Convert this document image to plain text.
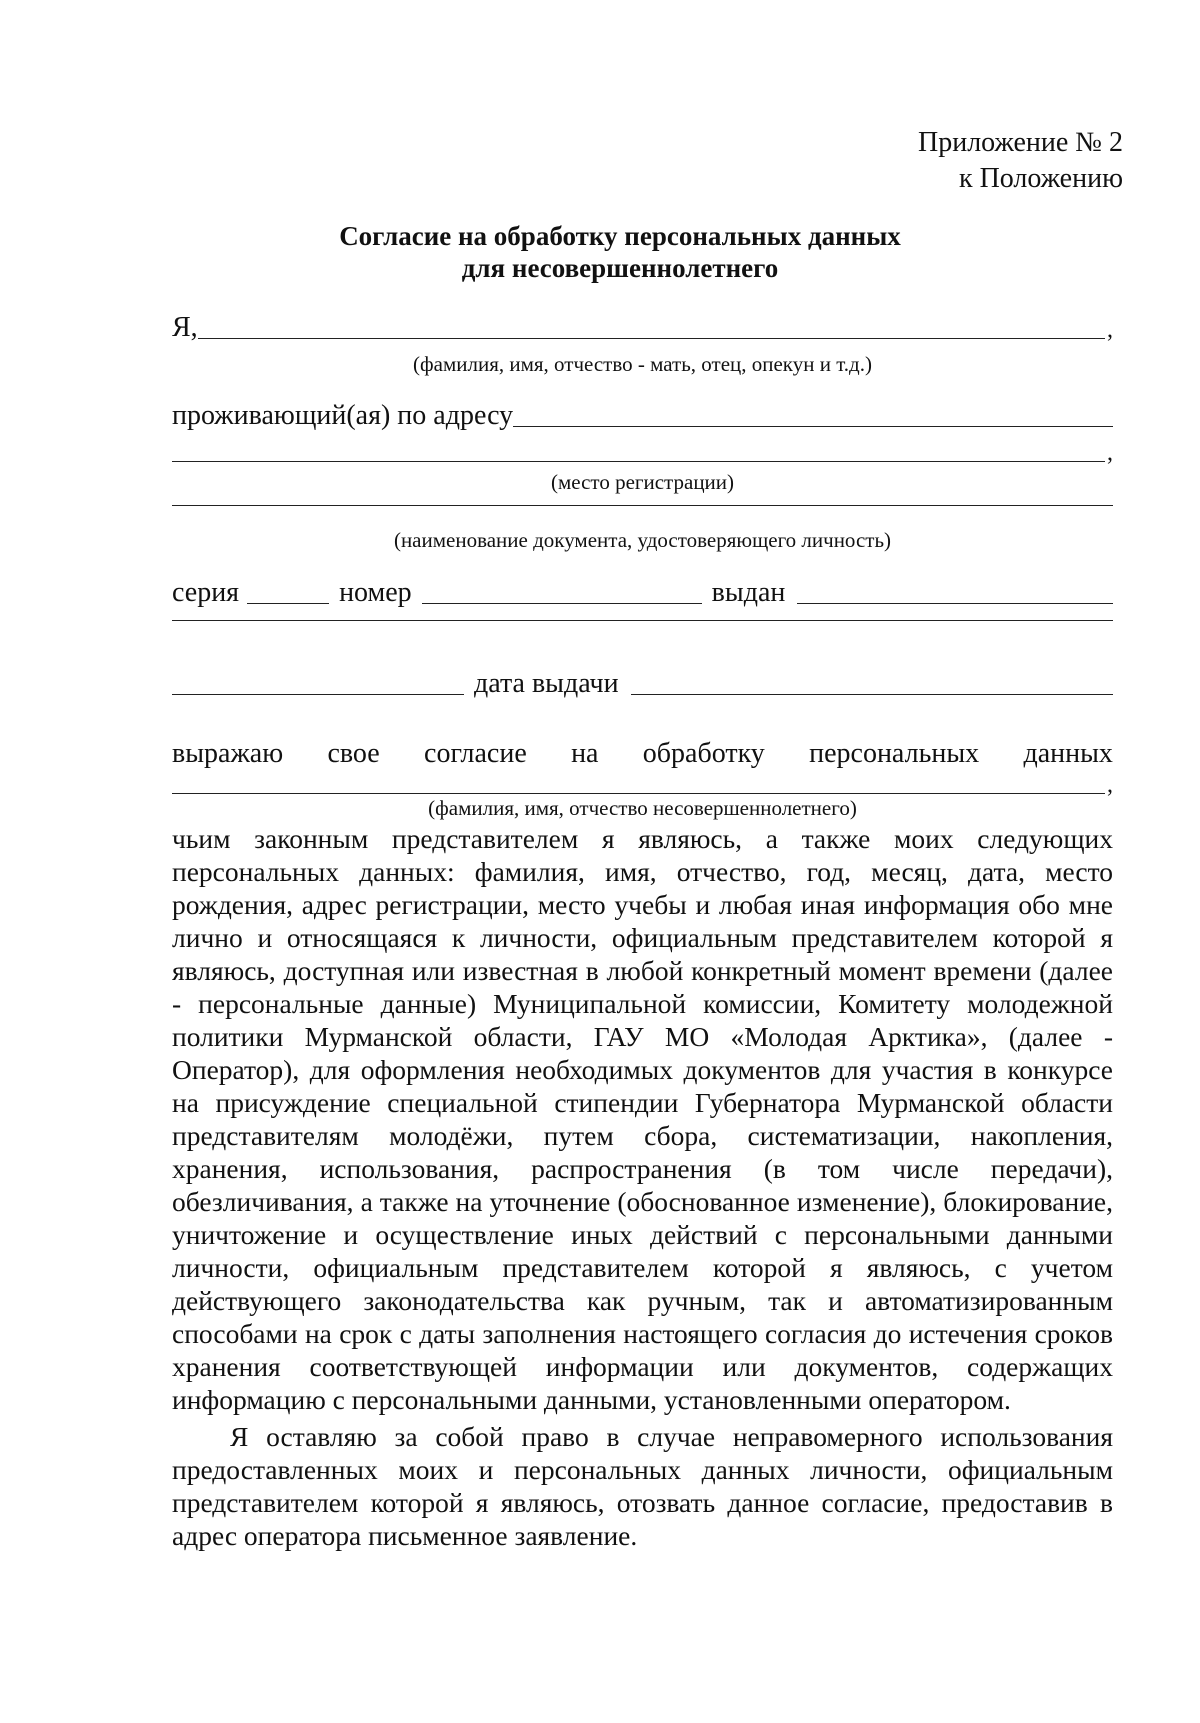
Приложение № 2
к Положению
Согласие на обработку персональных данных
для несовершеннолетнего
Я,	,
(фамилия, имя, отчество - мать, отец, опекун и т.д.)
проживающий(ая) по адресу
,
(место регистрации)
(наименование документа, удостоверяющего личность)
серия	номер	выдан
дата выдачи
выражаю свое согласие на обработку персональных данных
,
(фамилия, имя, отчество несовершеннолетнего)

чьим законным представителем я являюсь, а также моих следующих персональных данных: фамилия, имя, отчество, год, месяц, дата, место рождения, адрес регистрации, место учебы и любая иная информация обо мне лично и относящаяся к личности, официальным представителем которой я являюсь, доступная или известная в любой конкретный момент времени (далее - персональные данные) Муниципальной комиссии, Комитету молодежной политики Мурманской области, ГАУ МО «Молодая Арктика», (далее - Оператор), для оформления необходимых документов для участия в конкурсе на присуждение специальной стипендии Губернатора Мурманской области представителям молодёжи, путем сбора, систематизации, накопления, хранения, использования, распространения (в том числе передачи), обезличивания, а также на уточнение (обоснованное изменение), блокирование, уничтожение и осуществление иных действий с персональными данными личности, официальным представителем которой я являюсь, с учетом действующего законодательства как ручным, так и автоматизированным способами на срок с даты заполнения настоящего согласия до истечения сроков хранения соответствующей информации или документов, содержащих информацию с персональными данными, установленными оператором.

Я оставляю за собой право в случае неправомерного использования предоставленных моих и персональных данных личности, официальным представителем которой я являюсь, отозвать данное согласие, предоставив в адрес оператора письменное заявление.
